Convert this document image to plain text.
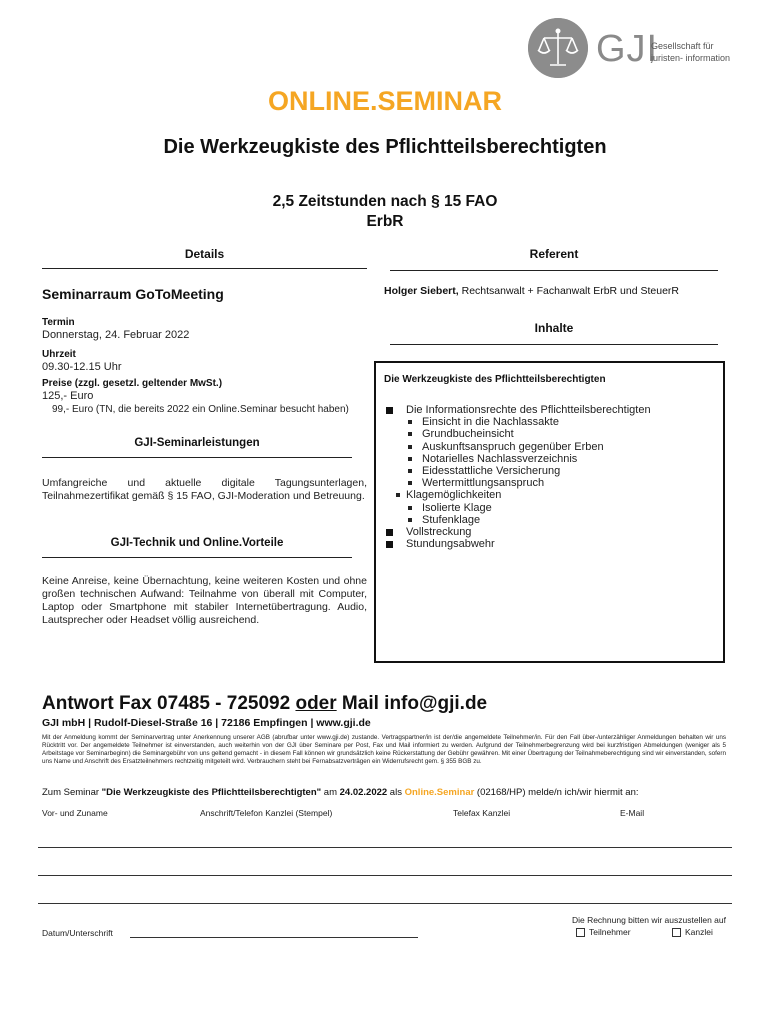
GJI
Gesellschaft für
juristen- information
ONLINE.SEMINAR
Die Werkzeugkiste des Pflichtteilsberechtigten
2,5 Zeitstunden nach § 15 FAO
ErbR
Details	Referent
Seminarraum GoToMeeting
Termin
Donnerstag, 24. Februar 2022
Uhrzeit
09.30-12.15 Uhr
Preise (zzgl. gesetzl. geltender MwSt.)
125,- Euro
99,- Euro (TN, die bereits 2022 ein Online.Seminar besucht haben)
GJI-Seminarleistungen
Umfangreiche und aktuelle digitale Tagungsunterlagen, Teilnahmezertifikat gemäß § 15 FAO, GJI-Moderation und Betreuung.
GJI-Technik und Online.Vorteile
Keine Anreise, keine Übernachtung, keine weiteren Kosten und ohne großen technischen Aufwand: Teilnahme von überall mit Computer, Laptop oder Smartphone mit stabiler Internetübertragung. Audio, Lautsprecher oder Headset völlig ausreichend.
Holger Siebert, Rechtsanwalt + Fachanwalt ErbR und SteuerR
Inhalte
Die Werkzeugkiste des Pflichtteilsberechtigten
Die Informationsrechte des Pflichtteilsberechtigten
Einsicht in die Nachlassakte
Grundbucheinsicht
Auskunftsanspruch gegenüber Erben
Notarielles Nachlassverzeichnis
Eidesstattliche Versicherung
Wertermittlungsanspruch
Klagemöglichkeiten
Isolierte Klage
Stufenklage
Vollstreckung
Stundungsabwehr
Antwort Fax 07485 - 725092 oder Mail info@gji.de
GJI mbH | Rudolf-Diesel-Straße 16 | 72186 Empfingen | www.gji.de
Mit der Anmeldung kommt der Seminarvertrag unter Anerkennung unserer AGB (abrufbar unter www.gji.de) zustande. Vertragspartner/in ist der/die angemeldete Teilnehmer/in. Für den Fall über-/unterzähliger Anmeldungen behalten wir uns Rücktritt vor. Der angemeldete Teilnehmer ist einverstanden, auch weiterhin von der GJI über Seminare per Post, Fax und Mail informiert zu werden. Aufgrund der Teilnehmerbegrenzung wird bei kurzfristigen Abmeldungen (weniger als 5 Arbeitstage vor Seminarbeginn) die Seminargebühr von uns geltend gemacht - in diesem Fall können wir grundsätzlich keine Rückerstattung der Gebühr gewähren. Mit einer Übertragung der Teilnahmeberechtigung sind wir einverstanden, sofern uns Name und Anschrift des Ersatzteilnehmers rechtzeitig mitgeteilt wird. Verbrauchern steht bei Fernabsatzverträgen ein Widerrufsrecht gem. § 355 BGB zu.
Zum Seminar "Die Werkzeugkiste des Pflichtteilsberechtigten" am 24.02.2022 als Online.Seminar (02168/HP) melde/n ich/wir hiermit an:
Vor- und Zuname	Anschrift/Telefon Kanzlei (Stempel)	Telefax Kanzlei	E-Mail
Datum/Unterschrift
Die Rechnung bitten wir auszustellen auf
Teilnehmer	Kanzlei
